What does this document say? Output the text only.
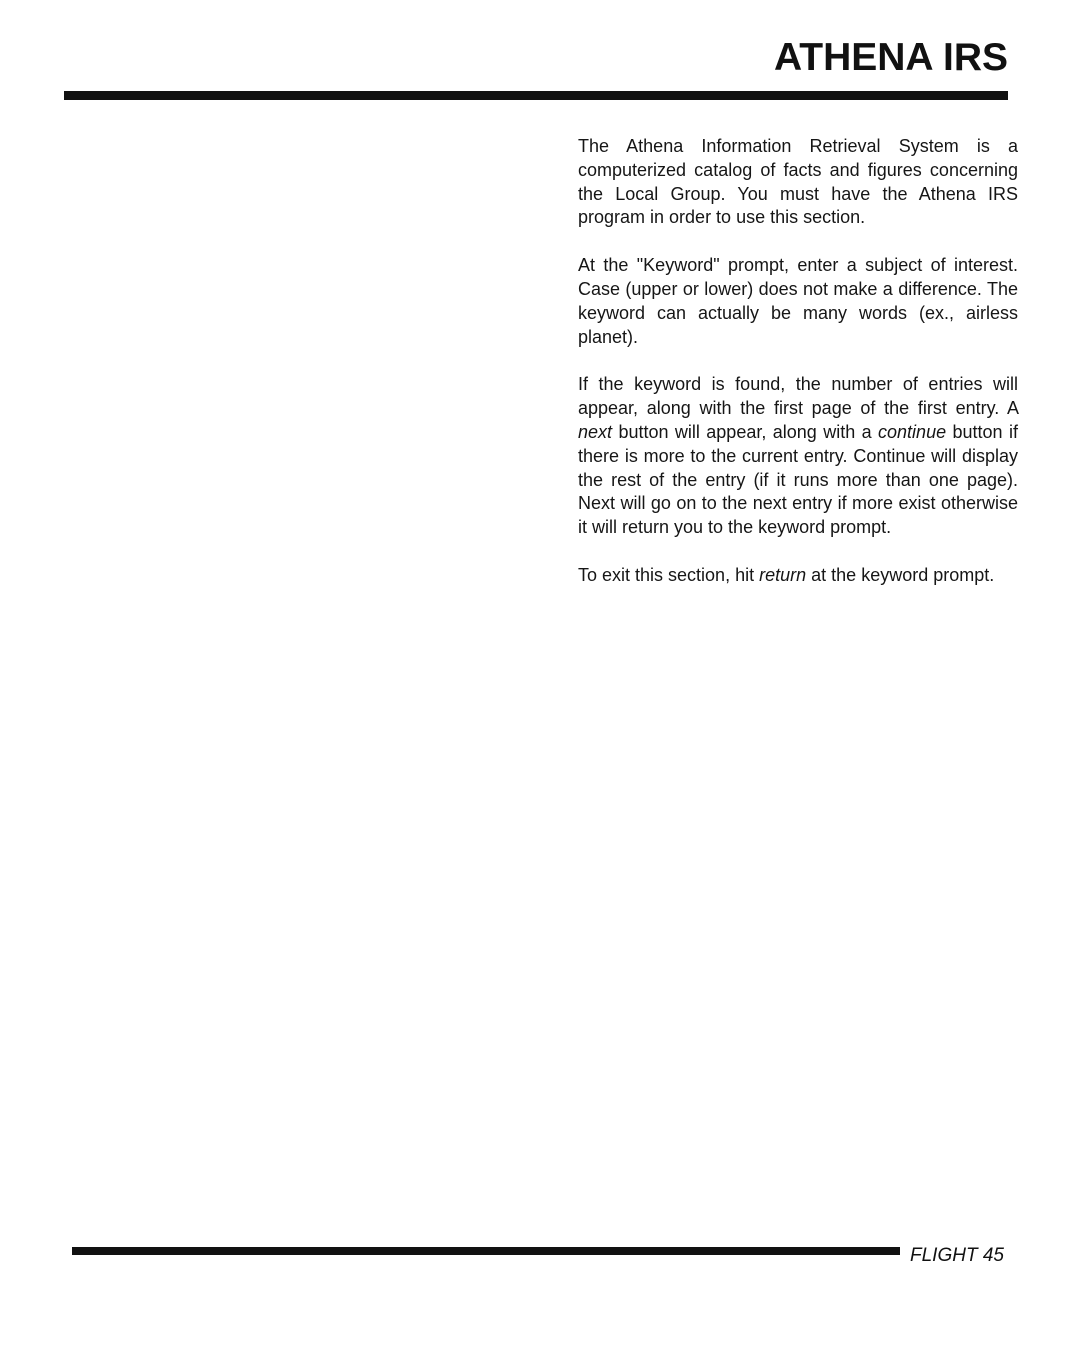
ATHENA IRS

The Athena Information Retrieval System is a computerized catalog of facts and figures concerning the Local Group. You must have the Athena IRS program in order to use this section.

At the "Keyword" prompt, enter a subject of interest. Case (upper or lower) does not make a difference. The keyword can actually be many words (ex., airless planet).

If the keyword is found, the number of entries will appear, along with the first page of the first entry. A next button will appear, along with a continue button if there is more to the current entry. Continue will display the rest of the entry (if it runs more than one page). Next will go on to the next entry if more exist otherwise it will return you to the keyword prompt.

To exit this section, hit return at the keyword prompt.

FLIGHT 45
